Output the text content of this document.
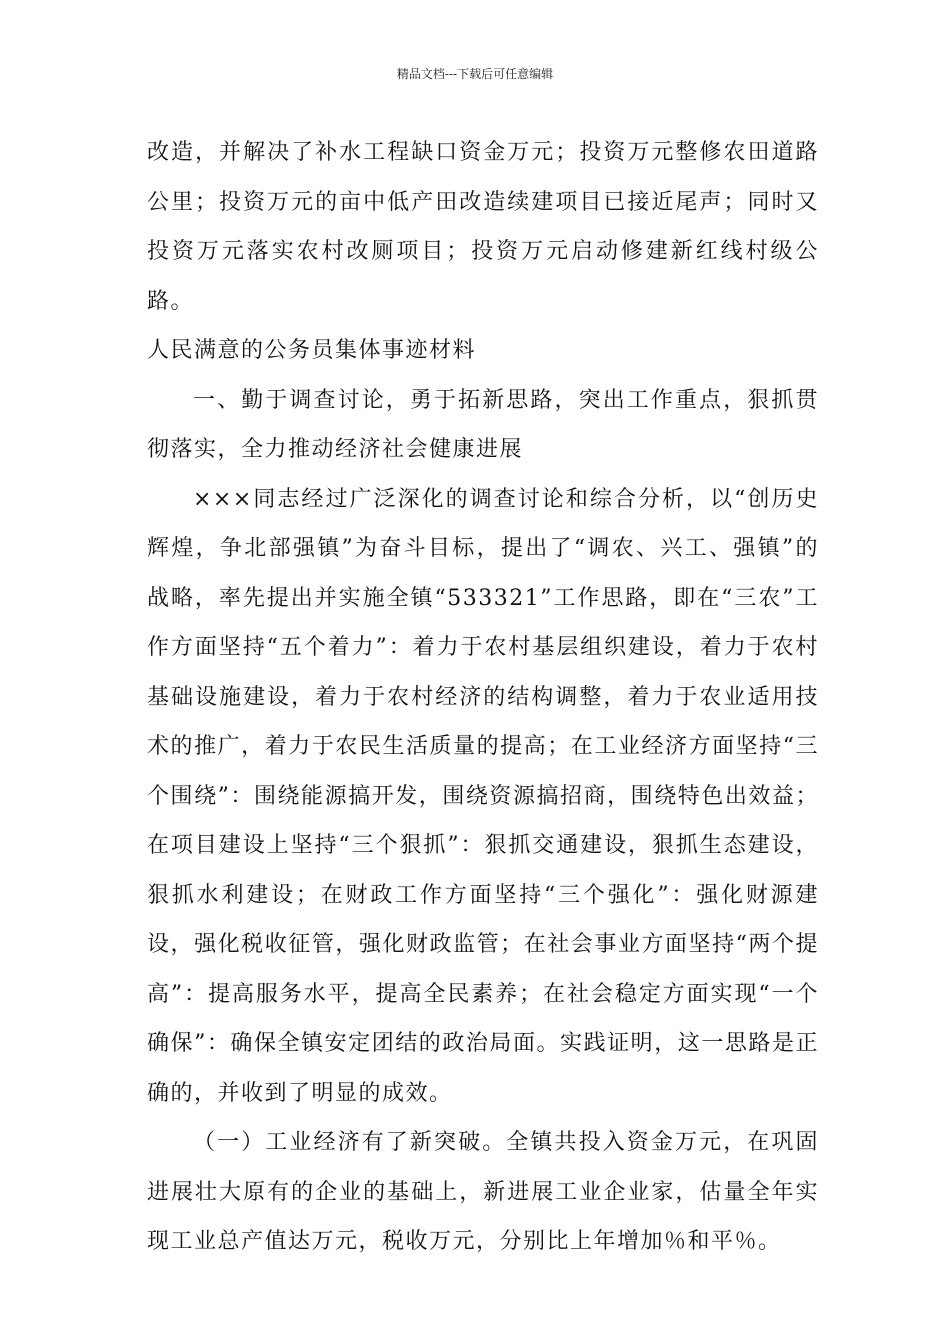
精品文档---下载后可任意编辑

改造，并解决了补水工程缺口资金万元；投资万元整修农田道路公里；投资万元的亩中低产田改造续建项目已接近尾声；同时又投资万元落实农村改厕项目；投资万元启动修建新红线村级公路。

人民满意的公务员集体事迹材料

一、勤于调查讨论，勇于拓新思路，突出工作重点，狠抓贯彻落实，全力推动经济社会健康进展

×××同志经过广泛深化的调查讨论和综合分析，以“创历史辉煌，争北部强镇”为奋斗目标，提出了“调农、兴工、强镇”的战略，率先提出并实施全镇“533321”工作思路，即在“三农”工作方面坚持“五个着力”：着力于农村基层组织建设，着力于农村基础设施建设，着力于农村经济的结构调整，着力于农业适用技术的推广，着力于农民生活质量的提高；在工业经济方面坚持“三个围绕”：围绕能源搞开发，围绕资源搞招商，围绕特色出效益；在项目建设上坚持“三个狠抓”：狠抓交通建设，狠抓生态建设，狠抓水利建设；在财政工作方面坚持“三个强化”：强化财源建设，强化税收征管，强化财政监管；在社会事业方面坚持“两个提高”：提高服务水平，提高全民素养；在社会稳定方面实现“一个确保”：确保全镇安定团结的政治局面。实践证明，这一思路是正确的，并收到了明显的成效。

（一）工业经济有了新突破。全镇共投入资金万元，在巩固进展壮大原有的企业的基础上，新进展工业企业家，估量全年实现工业总产值达万元，税收万元，分别比上年增加％和平％。
